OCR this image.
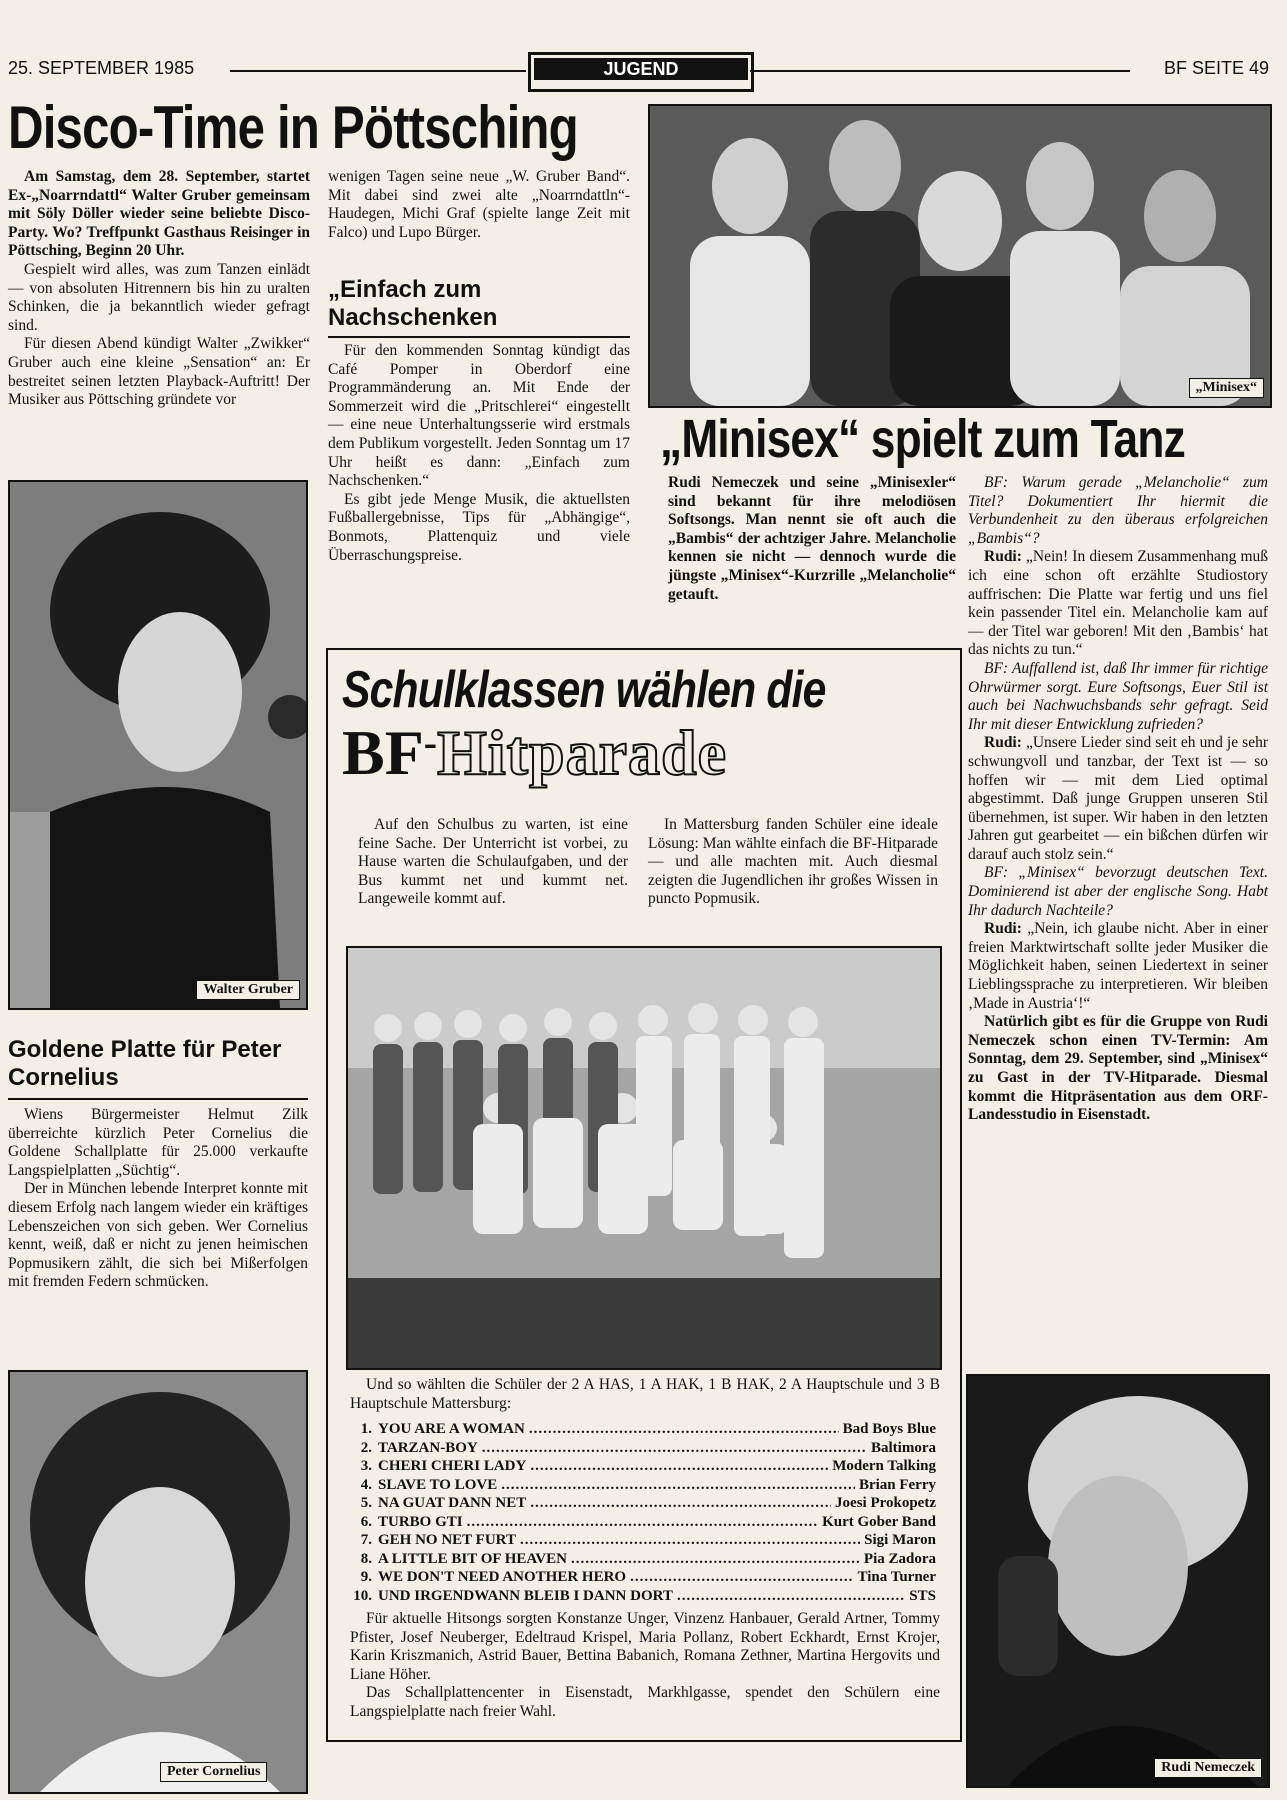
25. SEPTEMBER 1985	JUGEND	BF SEITE 49
Disco-Time in Pöttsching

Am Samstag, dem 28. September, startet Ex-„Noarrndattl“ Walter Gruber gemeinsam mit Söly Döller wieder seine beliebte Disco-Party. Wo? Treffpunkt Gasthaus Reisinger in Pöttsching, Beginn 20 Uhr.

Gespielt wird alles, was zum Tanzen einlädt — von absoluten Hitrennern bis hin zu uralten Schinken, die ja bekanntlich wieder gefragt sind.

Für diesen Abend kündigt Walter „Zwikker“ Gruber auch eine kleine „Sensation“ an: Er bestreitet seinen letzten Playback-Auftritt! Der Musiker aus Pöttsching gründete vor

wenigen Tagen seine neue „W. Gruber Band“. Mit dabei sind zwei alte „Noarrndattln“-Haudegen, Michi Graf (spielte lange Zeit mit Falco) und Lupo Bürger.

„Einfach zum Nachschenken

Für den kommenden Sonntag kündigt das Café Pomper in Oberdorf eine Programmänderung an. Mit Ende der Sommerzeit wird die „Pritschlerei“ eingestellt — eine neue Unterhaltungsserie wird erstmals dem Publikum vorgestellt. Jeden Sonntag um 17 Uhr heißt es dann: „Einfach zum Nachschenken.“

Es gibt jede Menge Musik, die aktuellsten Fußballergebnisse, Tips für „Abhängige“, Bonmots, Plattenquiz und viele Überraschungspreise.

„Minisex“
„Minisex“ spielt zum Tanz

Rudi Nemeczek und seine „Minisexler“ sind bekannt für ihre melodiösen Softsongs. Man nennt sie oft auch die „Bambis“ der achtziger Jahre. Melancholie kennen sie nicht — dennoch wurde die jüngste „Minisex“-Kurzrille „Melancholie“ getauft.

BF: Warum gerade „Melancholie“ zum Titel? Dokumentiert Ihr hiermit die Verbundenheit zu den überaus erfolgreichen „Bambis“?

Rudi: „Nein! In diesem Zusammenhang muß ich eine schon oft erzählte Studiostory auffrischen: Die Platte war fertig und uns fiel kein passender Titel ein. Melancholie kam auf — der Titel war geboren! Mit den ‚Bambis‘ hat das nichts zu tun.“

BF: Auffallend ist, daß Ihr immer für richtige Ohrwürmer sorgt. Eure Softsongs, Euer Stil ist auch bei Nachwuchsbands sehr gefragt. Seid Ihr mit dieser Entwicklung zufrieden?

Rudi: „Unsere Lieder sind seit eh und je sehr schwungvoll und tanzbar, der Text ist — so hoffen wir — mit dem Lied optimal abgestimmt. Daß junge Gruppen unseren Stil übernehmen, ist super. Wir haben in den letzten Jahren gut gearbeitet — ein bißchen dürfen wir darauf auch stolz sein.“

BF: „Minisex“ bevorzugt deutschen Text. Dominierend ist aber der englische Song. Habt Ihr dadurch Nachteile?

Rudi: „Nein, ich glaube nicht. Aber in einer freien Marktwirtschaft sollte jeder Musiker die Möglichkeit haben, seinen Liedertext in seiner Lieblingssprache zu interpretieren. Wir bleiben ‚Made in Austria‘!“

Natürlich gibt es für die Gruppe von Rudi Nemeczek schon einen TV-Termin: Am Sonntag, dem 29. September, sind „Minisex“ zu Gast in der TV-Hitparade. Diesmal kommt die Hitpräsentation aus dem ORF-Landesstudio in Eisenstadt.

Walter Gruber
Goldene Platte für Peter Cornelius

Wiens Bürgermeister Helmut Zilk überreichte kürzlich Peter Cornelius die Goldene Schallplatte für 25.000 verkaufte Langspielplatten „Süchtig“.

Der in München lebende Interpret konnte mit diesem Erfolg nach langem wieder ein kräftiges Lebenszeichen von sich geben. Wer Cornelius kennt, weiß, daß er nicht zu jenen heimischen Popmusikern zählt, die sich bei Mißerfolgen mit fremden Federn schmücken.

Peter Cornelius
Schulklassen wählen die
BF-Hitparade

Auf den Schulbus zu warten, ist eine feine Sache. Der Unterricht ist vorbei, zu Hause warten die Schulaufgaben, und der Bus kummt net und kummt net. Langeweile kommt auf.

In Mattersburg fanden Schüler eine ideale Lösung: Man wählte einfach die BF-Hitparade — und alle machten mit. Auch diesmal zeigten die Jugendlichen ihr großes Wissen in puncto Popmusik.

Und so wählten die Schüler der 2 A HAS, 1 A HAK, 1 B HAK, 2 A Hauptschule und 3 B Hauptschule Mattersburg:

1. YOU ARE A WOMAN .....	Bad Boys Blue
2. TARZAN-BOY .....	Baltimora
3. CHERI CHERI LADY .....	Modern Talking
4. SLAVE TO LOVE .....	Brian Ferry
5. NA GUAT DANN NET .....	Joesi Prokopetz
6. TURBO GTI .....	Kurt Gober Band
7. GEH NO NET FURT .....	Sigi Maron
8. A LITTLE BIT OF HEAVEN .....	Pia Zadora
9. WE DON'T NEED ANOTHER HERO .....	Tina Turner
10. UND IRGENDWANN BLEIB I DANN DORT .....	STS

Für aktuelle Hitsongs sorgten Konstanze Unger, Vinzenz Hanbauer, Gerald Artner, Tommy Pfister, Josef Neuberger, Edeltraud Krispel, Maria Pollanz, Robert Eckhardt, Ernst Krojer, Karin Kriszmanich, Astrid Bauer, Bettina Babanich, Romana Zethner, Martina Hergovits und Liane Höher.

Das Schallplattencenter in Eisenstadt, Markhlgasse, spendet den Schülern eine Langspielplatte nach freier Wahl.

Rudi Nemeczek
